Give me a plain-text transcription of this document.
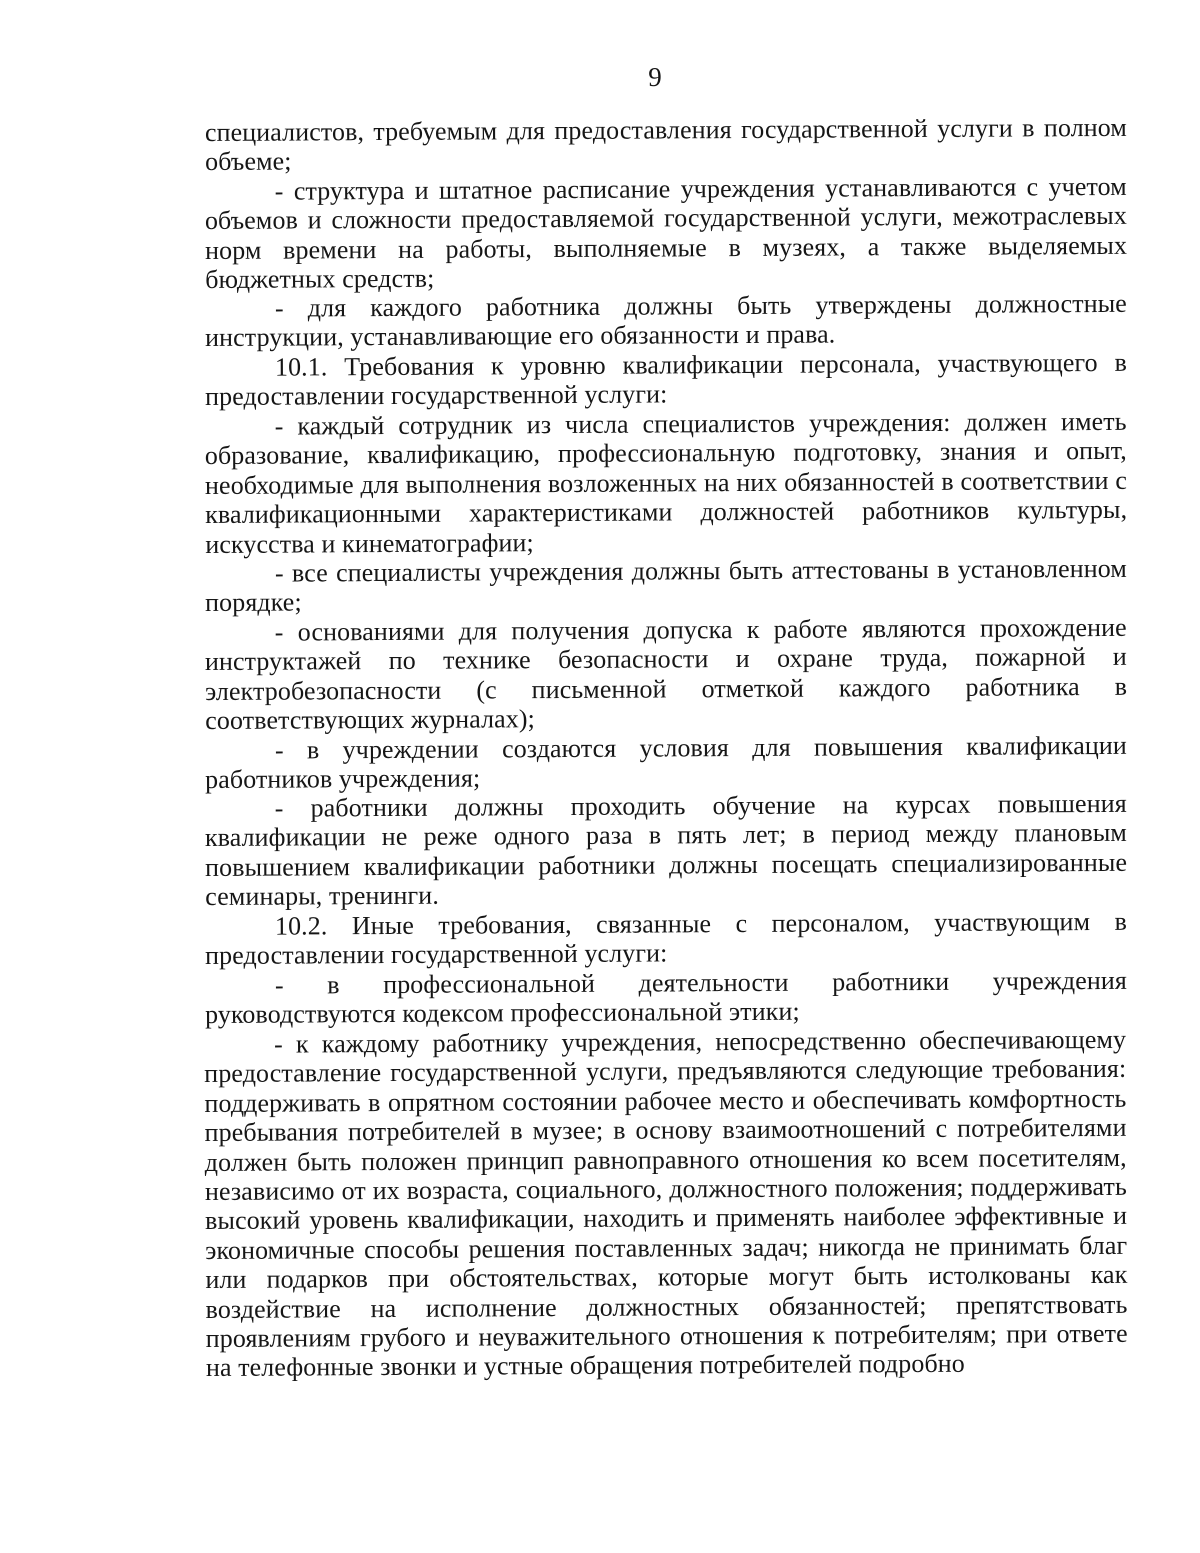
9

специалистов, требуемым для предоставления государственной услуги в полном объеме;

- структура и штатное расписание учреждения устанавливаются с учетом объемов и сложности предоставляемой государственной услуги, межотраслевых норм времени на работы, выполняемые в музеях, а также выделяемых бюджетных средств;

- для каждого работника должны быть утверждены должностные инструкции, устанавливающие его обязанности и права.

10.1. Требования к уровню квалификации персонала, участвующего в предоставлении государственной услуги:

- каждый сотрудник из числа специалистов учреждения: должен иметь образование, квалификацию, профессиональную подготовку, знания и опыт, необходимые для выполнения возложенных на них обязанностей в соответствии с квалификационными характеристиками должностей работников культуры, искусства и кинематографии;

- все специалисты учреждения должны быть аттестованы в установленном порядке;

- основаниями для получения допуска к работе являются прохождение инструктажей по технике безопасности и охране труда, пожарной и электробезопасности (с письменной отметкой каждого работника в соответствующих журналах);

- в учреждении создаются условия для повышения квалификации работников учреждения;

- работники должны проходить обучение на курсах повышения квалификации не реже одного раза в пять лет; в период между плановым повышением квалификации работники должны посещать специализированные семинары, тренинги.

10.2. Иные требования, связанные с персоналом, участвующим в предоставлении государственной услуги:

- в профессиональной деятельности работники учреждения руководствуются кодексом профессиональной этики;

- к каждому работнику учреждения, непосредственно обеспечивающему предоставление государственной услуги, предъявляются следующие требования: поддерживать в опрятном состоянии рабочее место и обеспечивать комфортность пребывания потребителей в музее; в основу взаимоотношений с потребителями должен быть положен принцип равноправного отношения ко всем посетителям, независимо от их возраста, социального, должностного положения; поддерживать высокий уровень квалификации, находить и применять наиболее эффективные и экономичные способы решения поставленных задач; никогда не принимать благ или подарков при обстоятельствах, которые могут быть истолкованы как воздействие на исполнение должностных обязанностей; препятствовать проявлениям грубого и неуважительного отношения к потребителям; при ответе на телефонные звонки и устные обращения потребителей подробно
